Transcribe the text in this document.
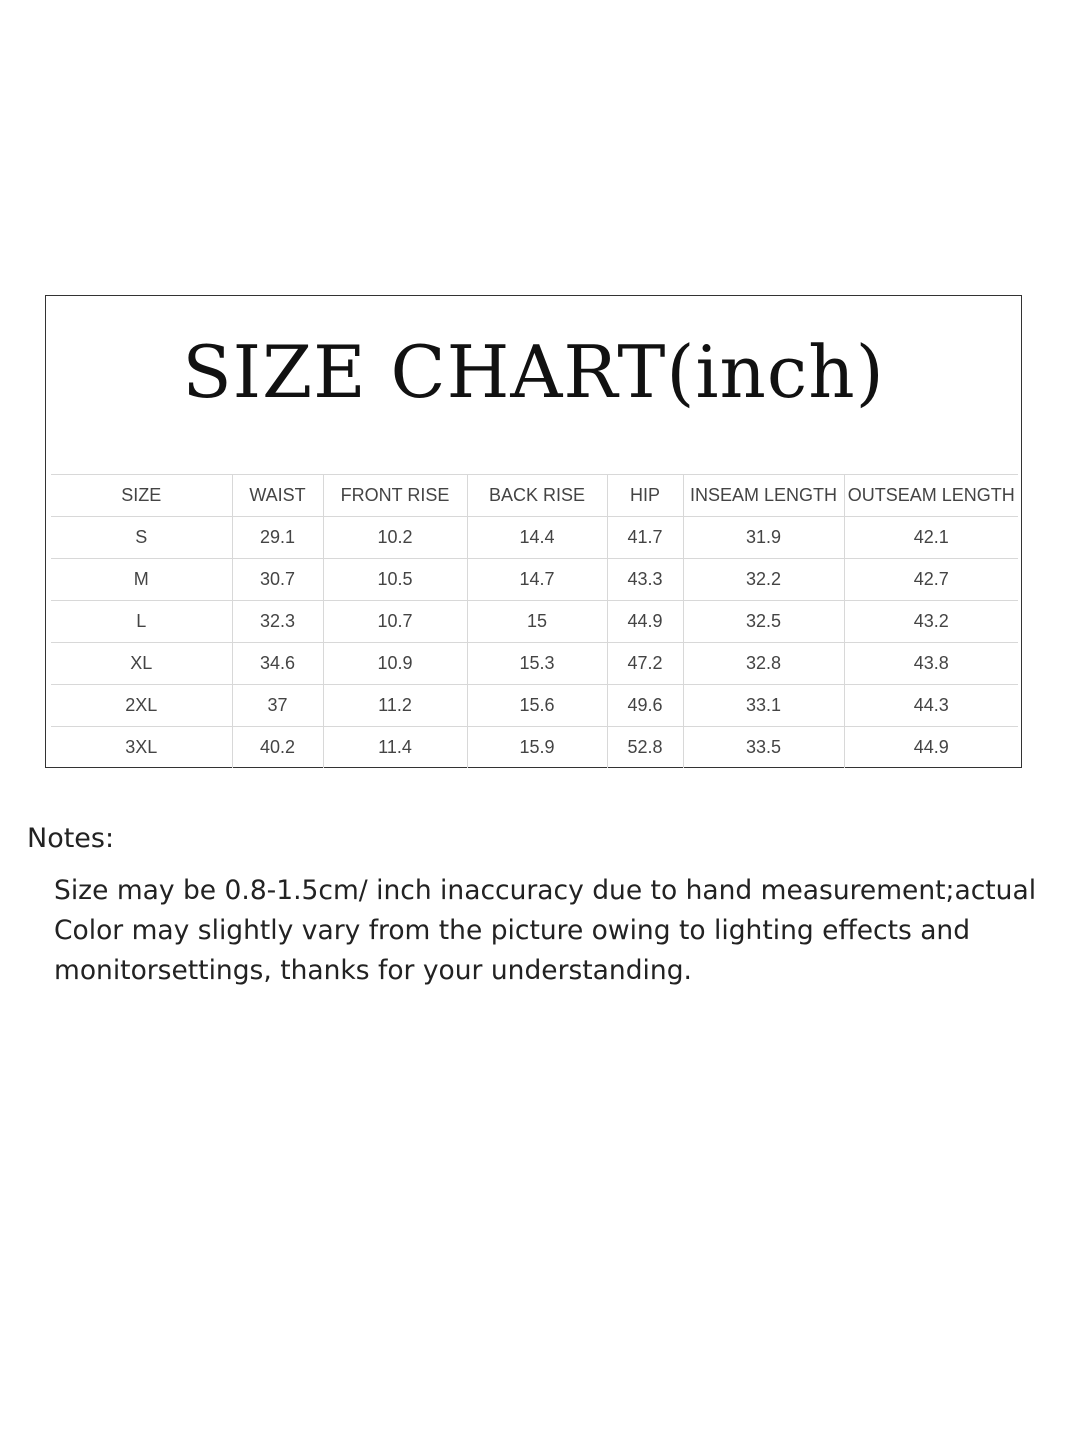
SIZE CHART(inch)
SIZE	WAIST	FRONT RISE	BACK RISE	HIP	INSEAM LENGTH	OUTSEAM LENGTH
S	29.1	10.2	14.4	41.7	31.9	42.1
M	30.7	10.5	14.7	43.3	32.2	42.7
L	32.3	10.7	15	44.9	32.5	43.2
XL	34.6	10.9	15.3	47.2	32.8	43.8
2XL	37	11.2	15.6	49.6	33.1	44.3
3XL	40.2	11.4	15.9	52.8	33.5	44.9
Notes:
Size may be 0.8-1.5cm/ inch inaccuracy due to hand measurement;actual
Color may slightly vary from the picture owing to lighting effects and
monitorsettings, thanks for your understanding.
